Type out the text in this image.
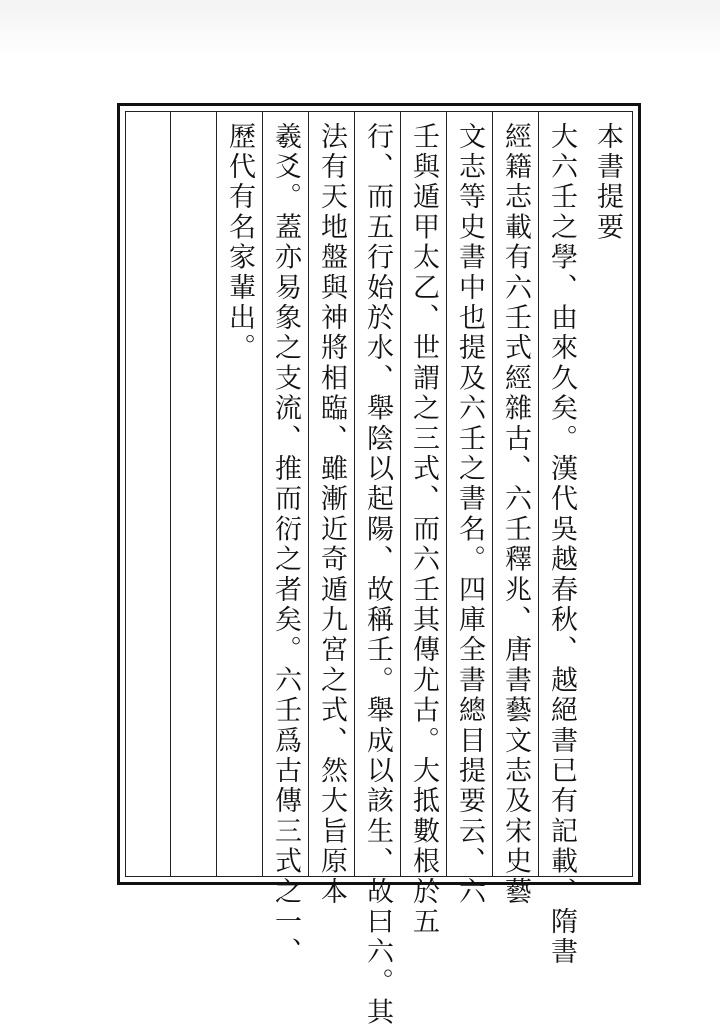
本書提要
大六壬之學、由來久矣。漢代吳越春秋、越絕書已有記載、隋書
經籍志載有六壬式經雜古、六壬釋兆、唐書藝文志及宋史藝
文志等史書中也提及六壬之書名。四庫全書總目提要云、六
壬與遁甲太乙、世謂之三式、而六壬其傳尤古。大抵數根於五
行、而五行始於水、舉陰以起陽、故稱壬。舉成以該生、故曰六。其
法有天地盤與神將相臨、雖漸近奇遁九宮之式、然大旨原本
羲爻。蓋亦易象之支流、推而衍之者矣。六壬爲古傳三式之一、
歷代有名家輩出。
